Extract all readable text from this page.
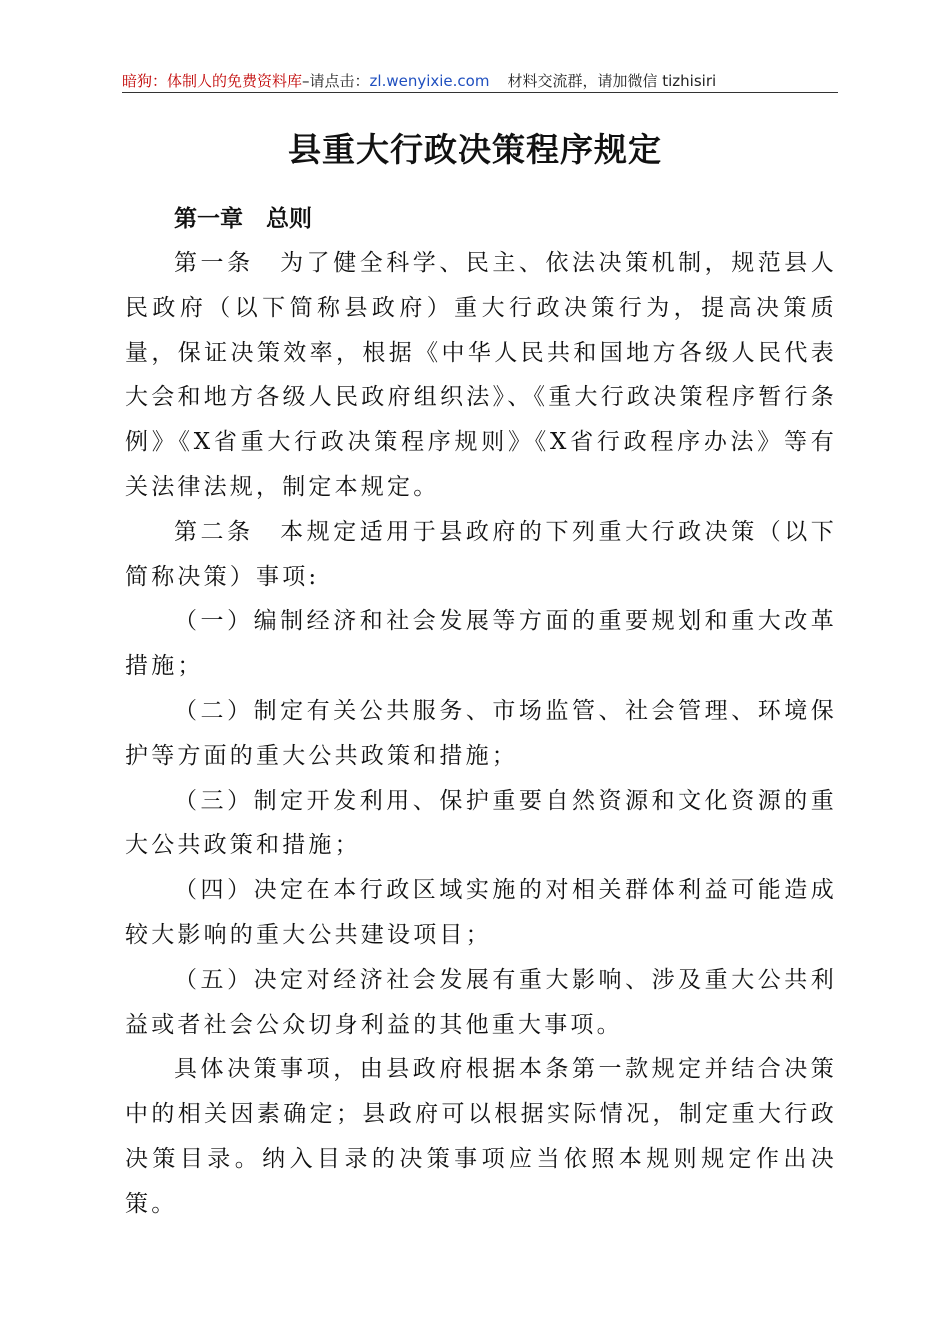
暗狗：体制人的免费资料库–请点击：zl.wenyixie.com 材料交流群，请加微信 tizhisiri
县重大行政决策程序规定
第一章　总则

第一条　为了健全科学、民主、依法决策机制，规范县人民政府（以下简称县政府）重大行政决策行为，提高决策质量，保证决策效率，根据《中华人民共和国地方各级人民代表大会和地方各级人民政府组织法》、《重大行政决策程序暂行条例》《X省重大行政决策程序规则》《X省行政程序办法》等有关法律法规，制定本规定。

第二条　本规定适用于县政府的下列重大行政决策（以下简称决策）事项:

（一）编制经济和社会发展等方面的重要规划和重大改革措施；

（二）制定有关公共服务、市场监管、社会管理、环境保护等方面的重大公共政策和措施；

（三）制定开发利用、保护重要自然资源和文化资源的重大公共政策和措施；

（四）决定在本行政区域实施的对相关群体利益可能造成较大影响的重大公共建设项目；

（五）决定对经济社会发展有重大影响、涉及重大公共利益或者社会公众切身利益的其他重大事项。

具体决策事项，由县政府根据本条第一款规定并结合决策中的相关因素确定；县政府可以根据实际情况，制定重大行政决策目录。纳入目录的决策事项应当依照本规则规定作出决策。
